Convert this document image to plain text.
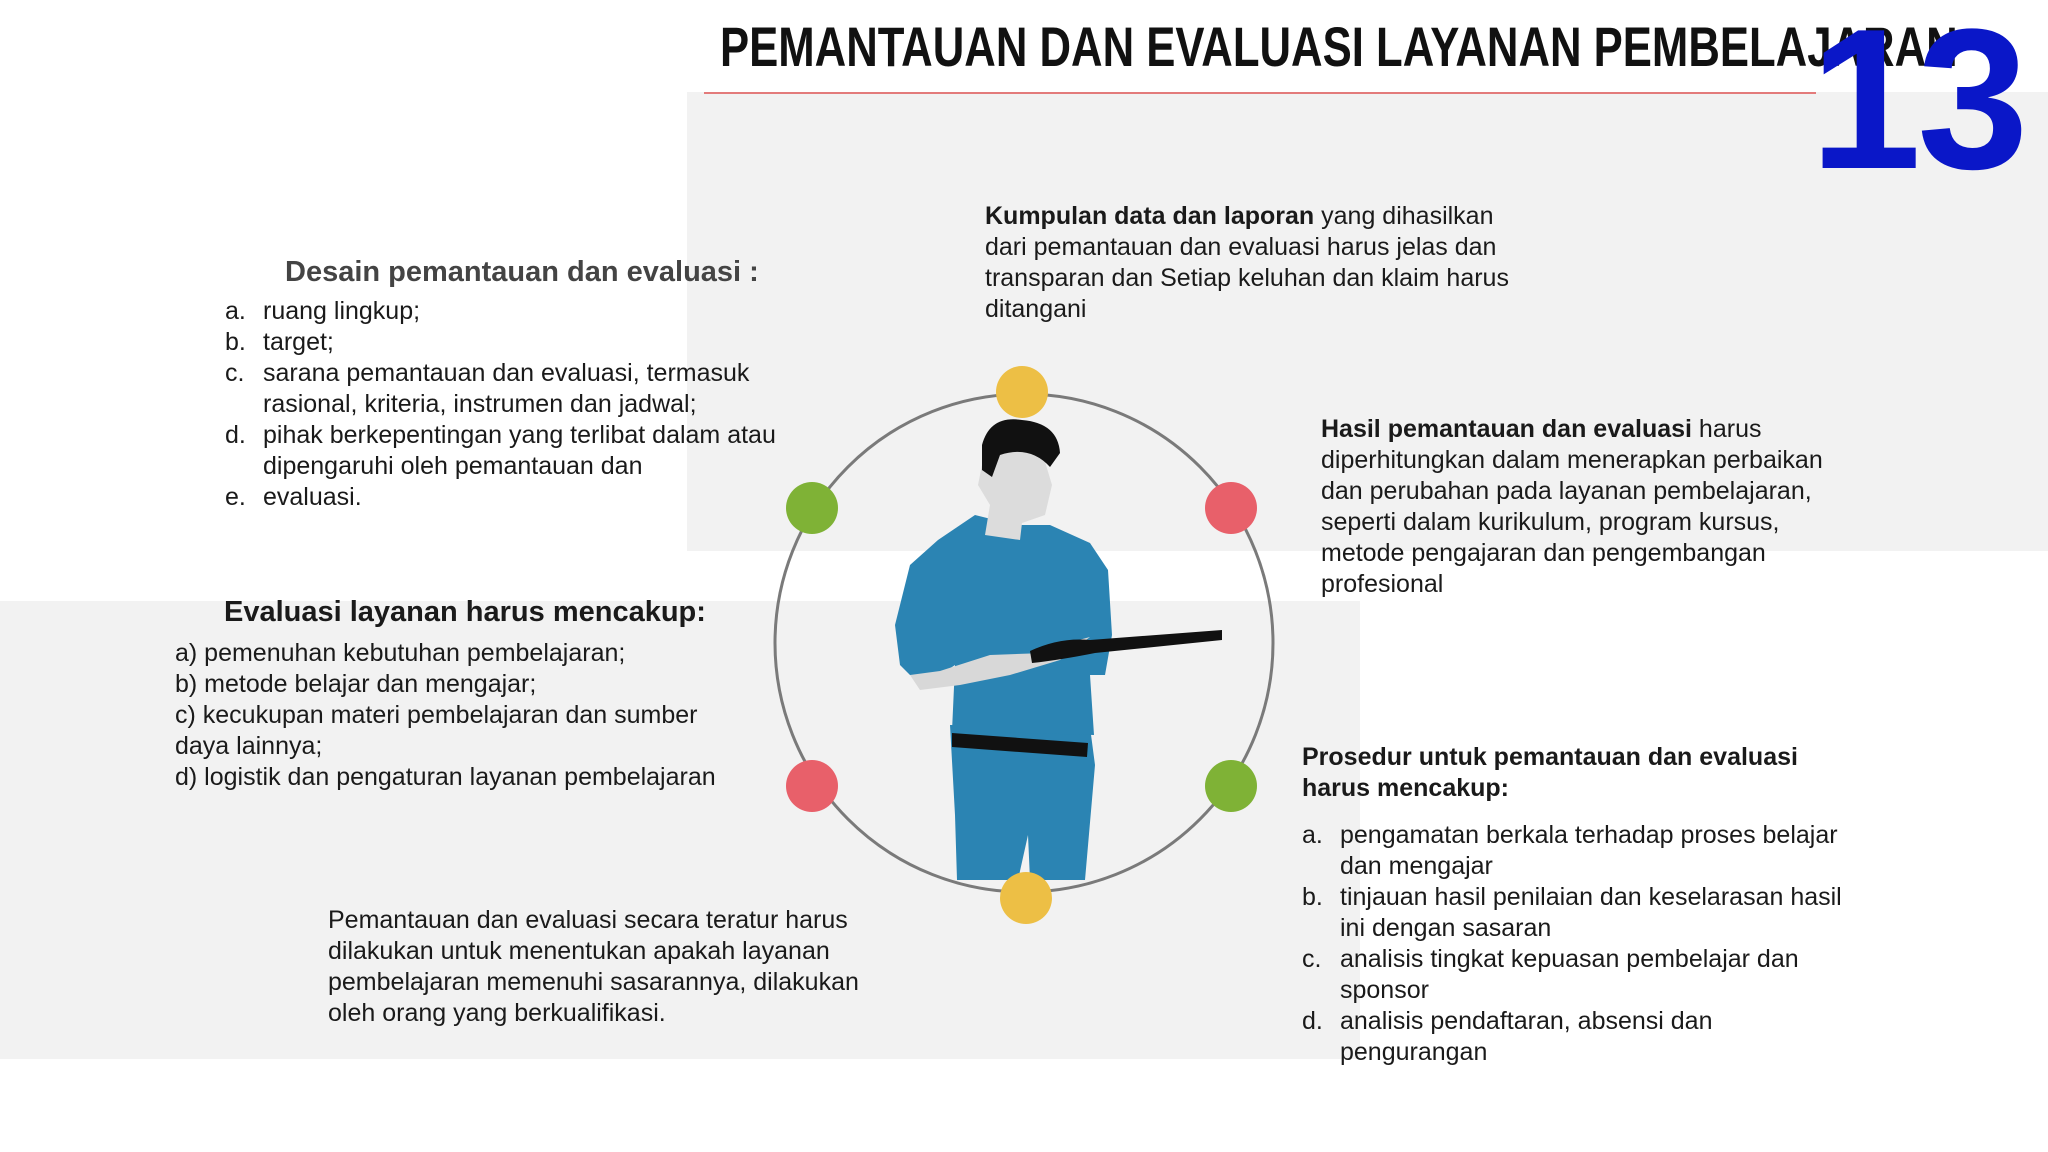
PEMANTAUAN DAN EVALUASI LAYANAN PEMBELAJARAN
13
Desain pemantauan dan evaluasi :
a. ruang lingkup;
b. target;
c. sarana pemantauan dan evaluasi, termasuk rasional, kriteria, instrumen dan jadwal;
d. pihak berkepentingan yang terlibat dalam atau dipengaruhi oleh pemantauan dan
e. evaluasi.
Evaluasi layanan harus mencakup:
a) pemenuhan kebutuhan pembelajaran;
b) metode belajar dan mengajar;
c) kecukupan materi pembelajaran dan sumber daya lainnya;
d) logistik dan pengaturan layanan pembelajaran
Pemantauan dan evaluasi secara teratur harus dilakukan untuk menentukan apakah layanan pembelajaran memenuhi sasarannya, dilakukan oleh orang yang berkualifikasi.
Kumpulan data dan laporan yang dihasilkan dari pemantauan dan evaluasi harus jelas dan transparan dan Setiap keluhan dan klaim harus ditangani
Hasil pemantauan dan evaluasi harus diperhitungkan dalam menerapkan perbaikan dan perubahan pada layanan pembelajaran, seperti dalam kurikulum, program kursus, metode pengajaran dan pengembangan profesional
Prosedur untuk pemantauan dan evaluasi harus mencakup:
a. pengamatan berkala terhadap proses belajar dan mengajar
b. tinjauan hasil penilaian dan keselarasan hasil ini dengan sasaran
c. analisis tingkat kepuasan pembelajar dan sponsor
d. analisis pendaftaran, absensi dan pengurangan
